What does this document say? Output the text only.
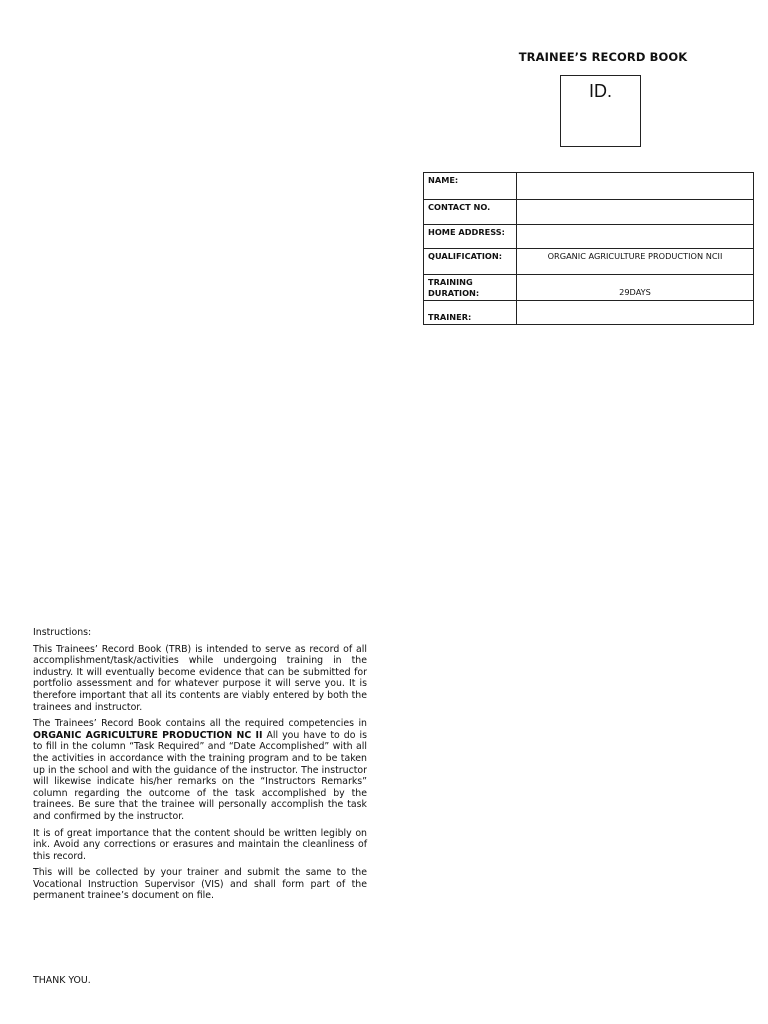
TRAINEE’S RECORD BOOK
ID.
NAME:	
CONTACT NO.	
HOME ADDRESS:	
QUALIFICATION:	ORGANIC AGRICULTURE PRODUCTION NCII
TRAINING DURATION:	29DAYS
TRAINER:	

Instructions:

This Trainees’ Record Book (TRB) is intended to serve as record of all accomplishment/task/activities while undergoing training in the industry. It will eventually become evidence that can be submitted for portfolio assessment and for whatever purpose it will serve you. It is therefore important that all its contents are viably entered by both the trainees and instructor.

The Trainees’ Record Book contains all the required competencies in ORGANIC AGRICULTURE PRODUCTION NC II All you have to do is to fill in the column “Task Required” and “Date Accomplished” with all the activities in accordance with the training program and to be taken up in the school and with the guidance of the instructor. The instructor will likewise indicate his/her remarks on the “Instructors Remarks” column regarding the outcome of the task accomplished by the trainees. Be sure that the trainee will personally accomplish the task and confirmed by the instructor.

It is of great importance that the content should be written legibly on ink. Avoid any corrections or erasures and maintain the cleanliness of this record.

This will be collected by your trainer and submit the same to the Vocational Instruction Supervisor (VIS) and shall form part of the permanent trainee’s document on file.

THANK YOU.
